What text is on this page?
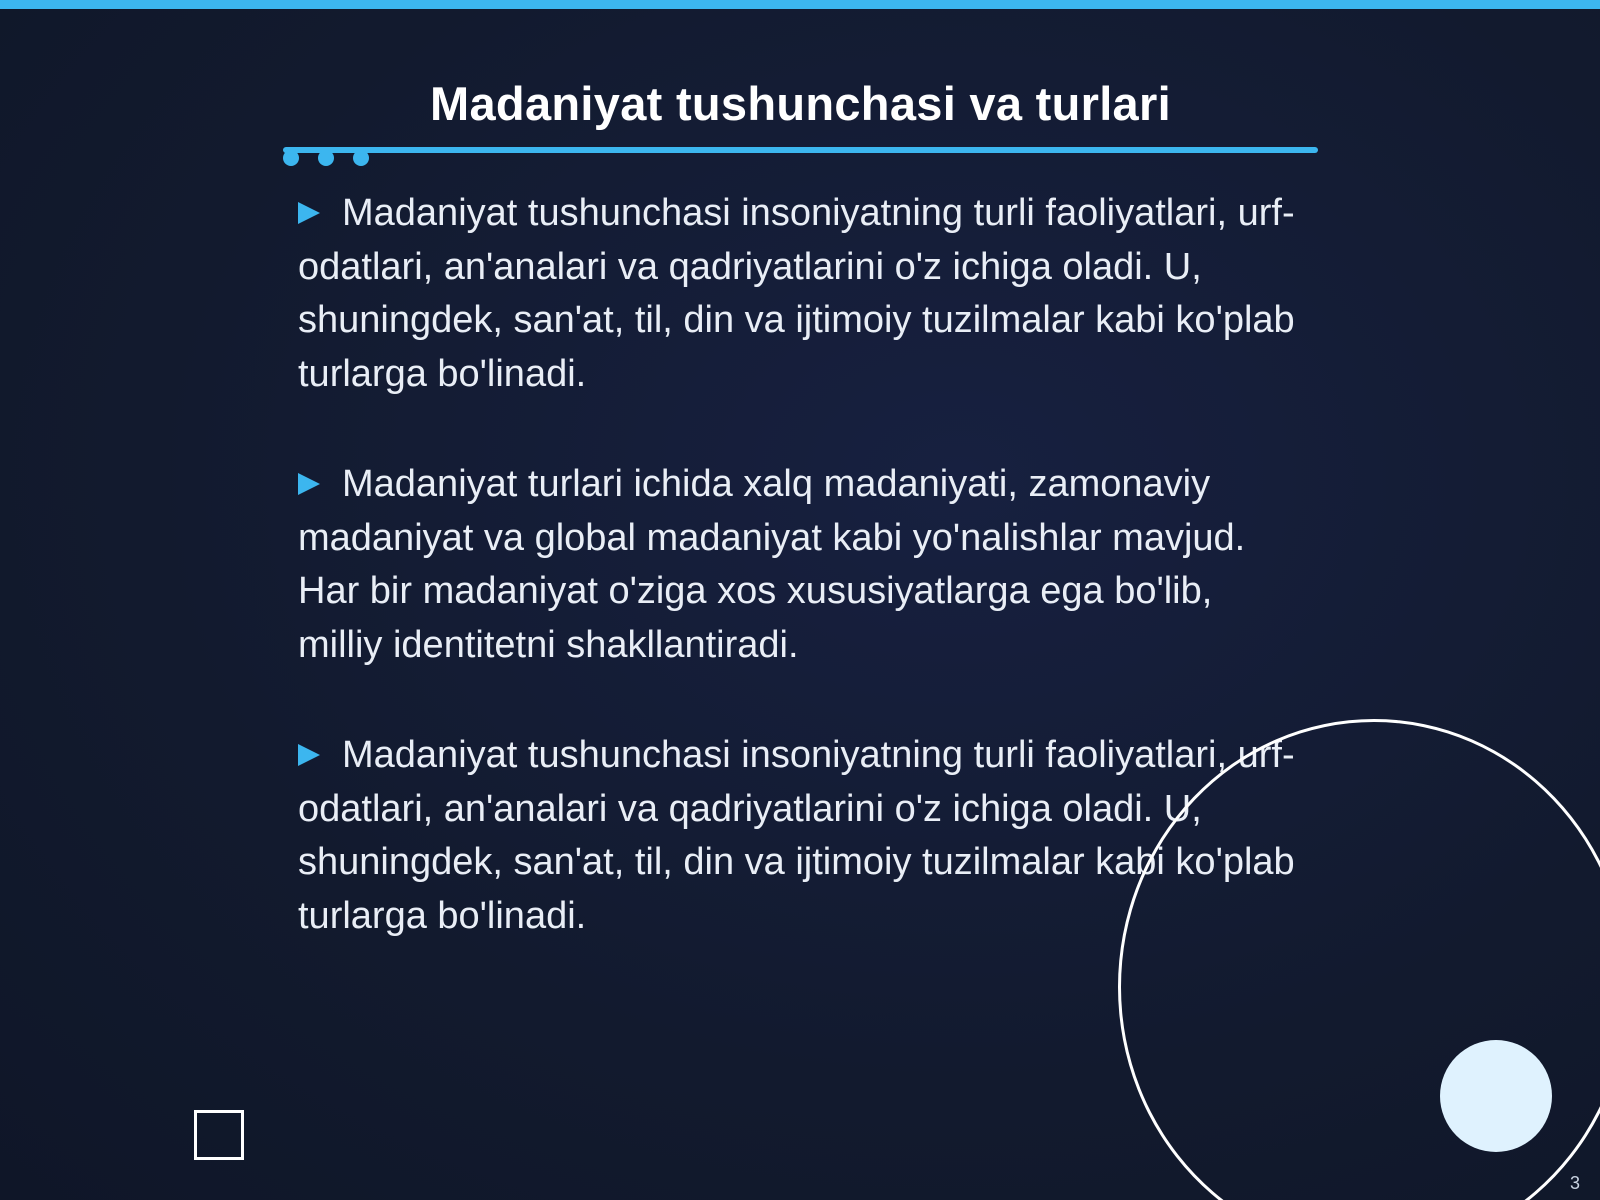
Madaniyat tushunchasi va turlari

Madaniyat tushunchasi insoniyatning turli faoliyatlari, urf-odatlari, an'analari va qadriyatlarini o'z ichiga oladi. U, shuningdek, san'at, til, din va ijtimoiy tuzilmalar kabi ko'plab turlarga bo'linadi.

Madaniyat turlari ichida xalq madaniyati, zamonaviy madaniyat va global madaniyat kabi yo'nalishlar mavjud. Har bir madaniyat o'ziga xos xususiyatlarga ega bo'lib, milliy identitetni shakllantiradi.

Madaniyat tushunchasi insoniyatning turli faoliyatlari, urf-odatlari, an'analari va qadriyatlarini o'z ichiga oladi. U, shuningdek, san'at, til, din va ijtimoiy tuzilmalar kabi ko'plab turlarga bo'linadi.

3
